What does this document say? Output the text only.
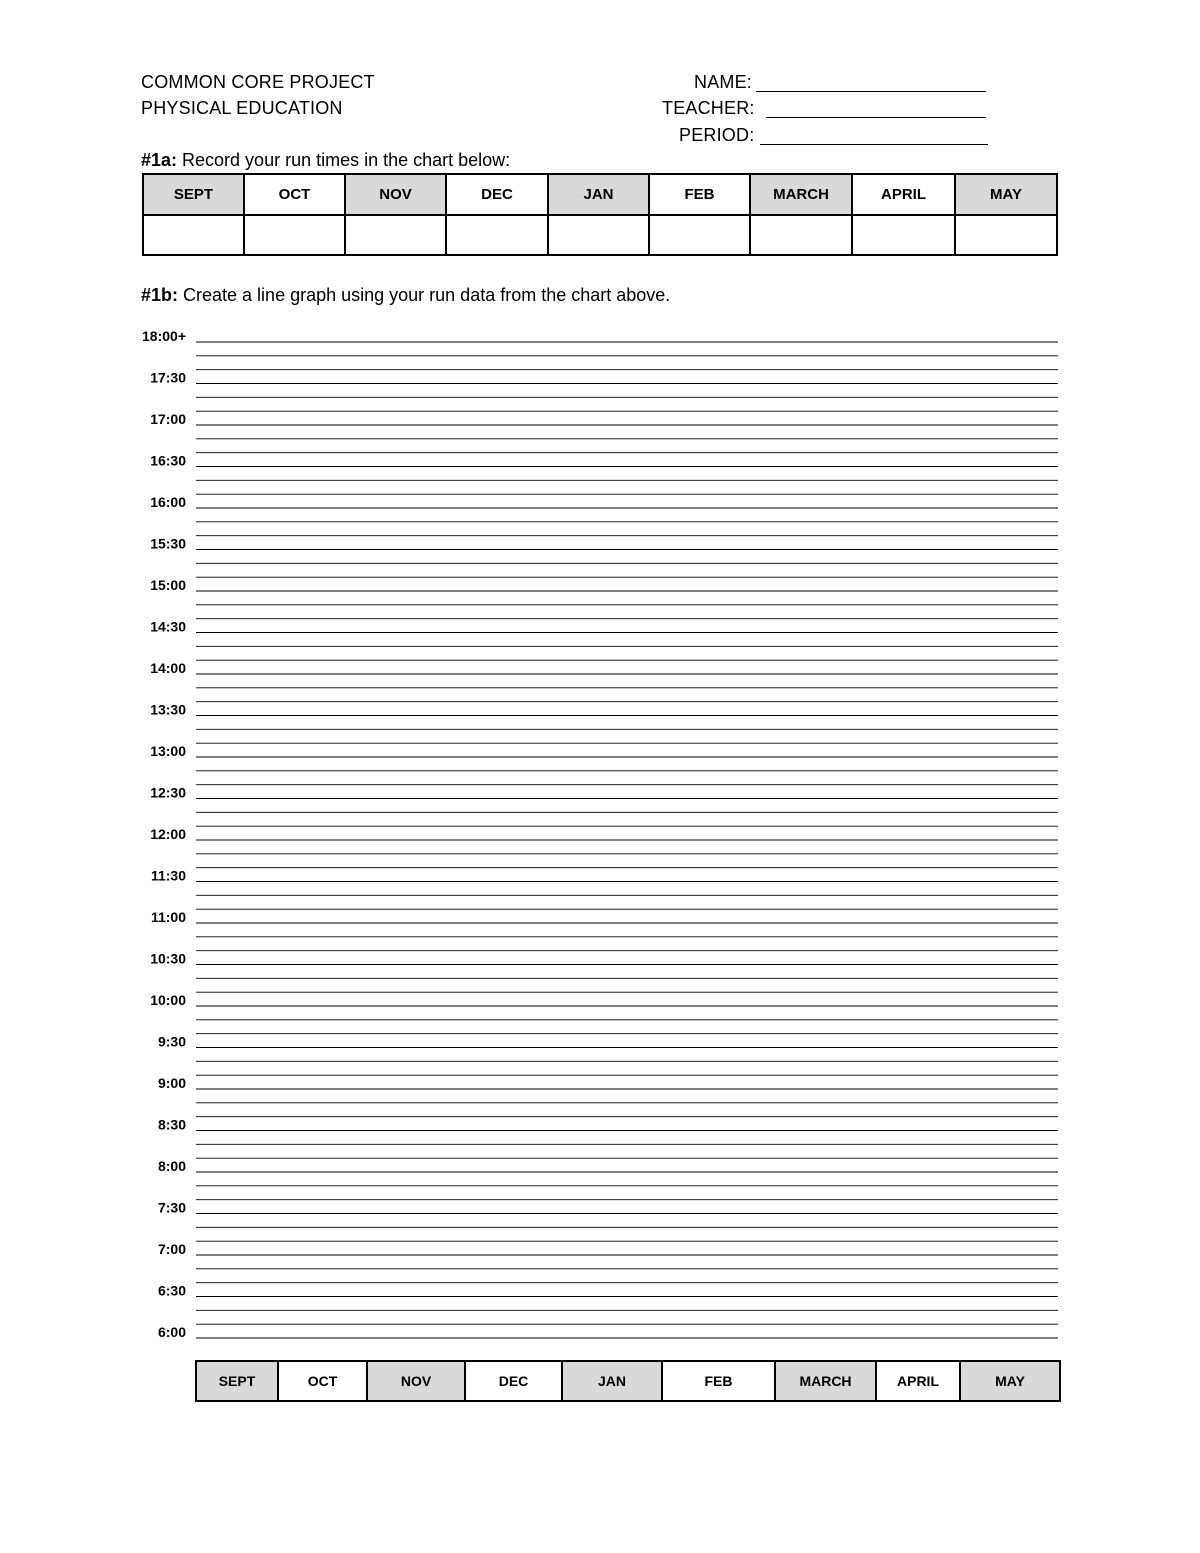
COMMON CORE PROJECT
PHYSICAL EDUCATION
NAME:
TEACHER:
PERIOD:
#1a: Record your run times in the chart below:
SEPT	OCT	NOV	DEC	JAN	FEB	MARCH	APRIL	MAY

#1b: Create a line graph using your run data from the chart above.
18:00+
17:30
17:00
16:30
16:00
15:30
15:00
14:30
14:00
13:30
13:00
12:30
12:00
11:30
11:00
10:30
10:00
9:30
9:00
8:30
8:00
7:30
7:00
6:30
6:00
SEPT	OCT	NOV	DEC	JAN	FEB	MARCH	APRIL	MAY
